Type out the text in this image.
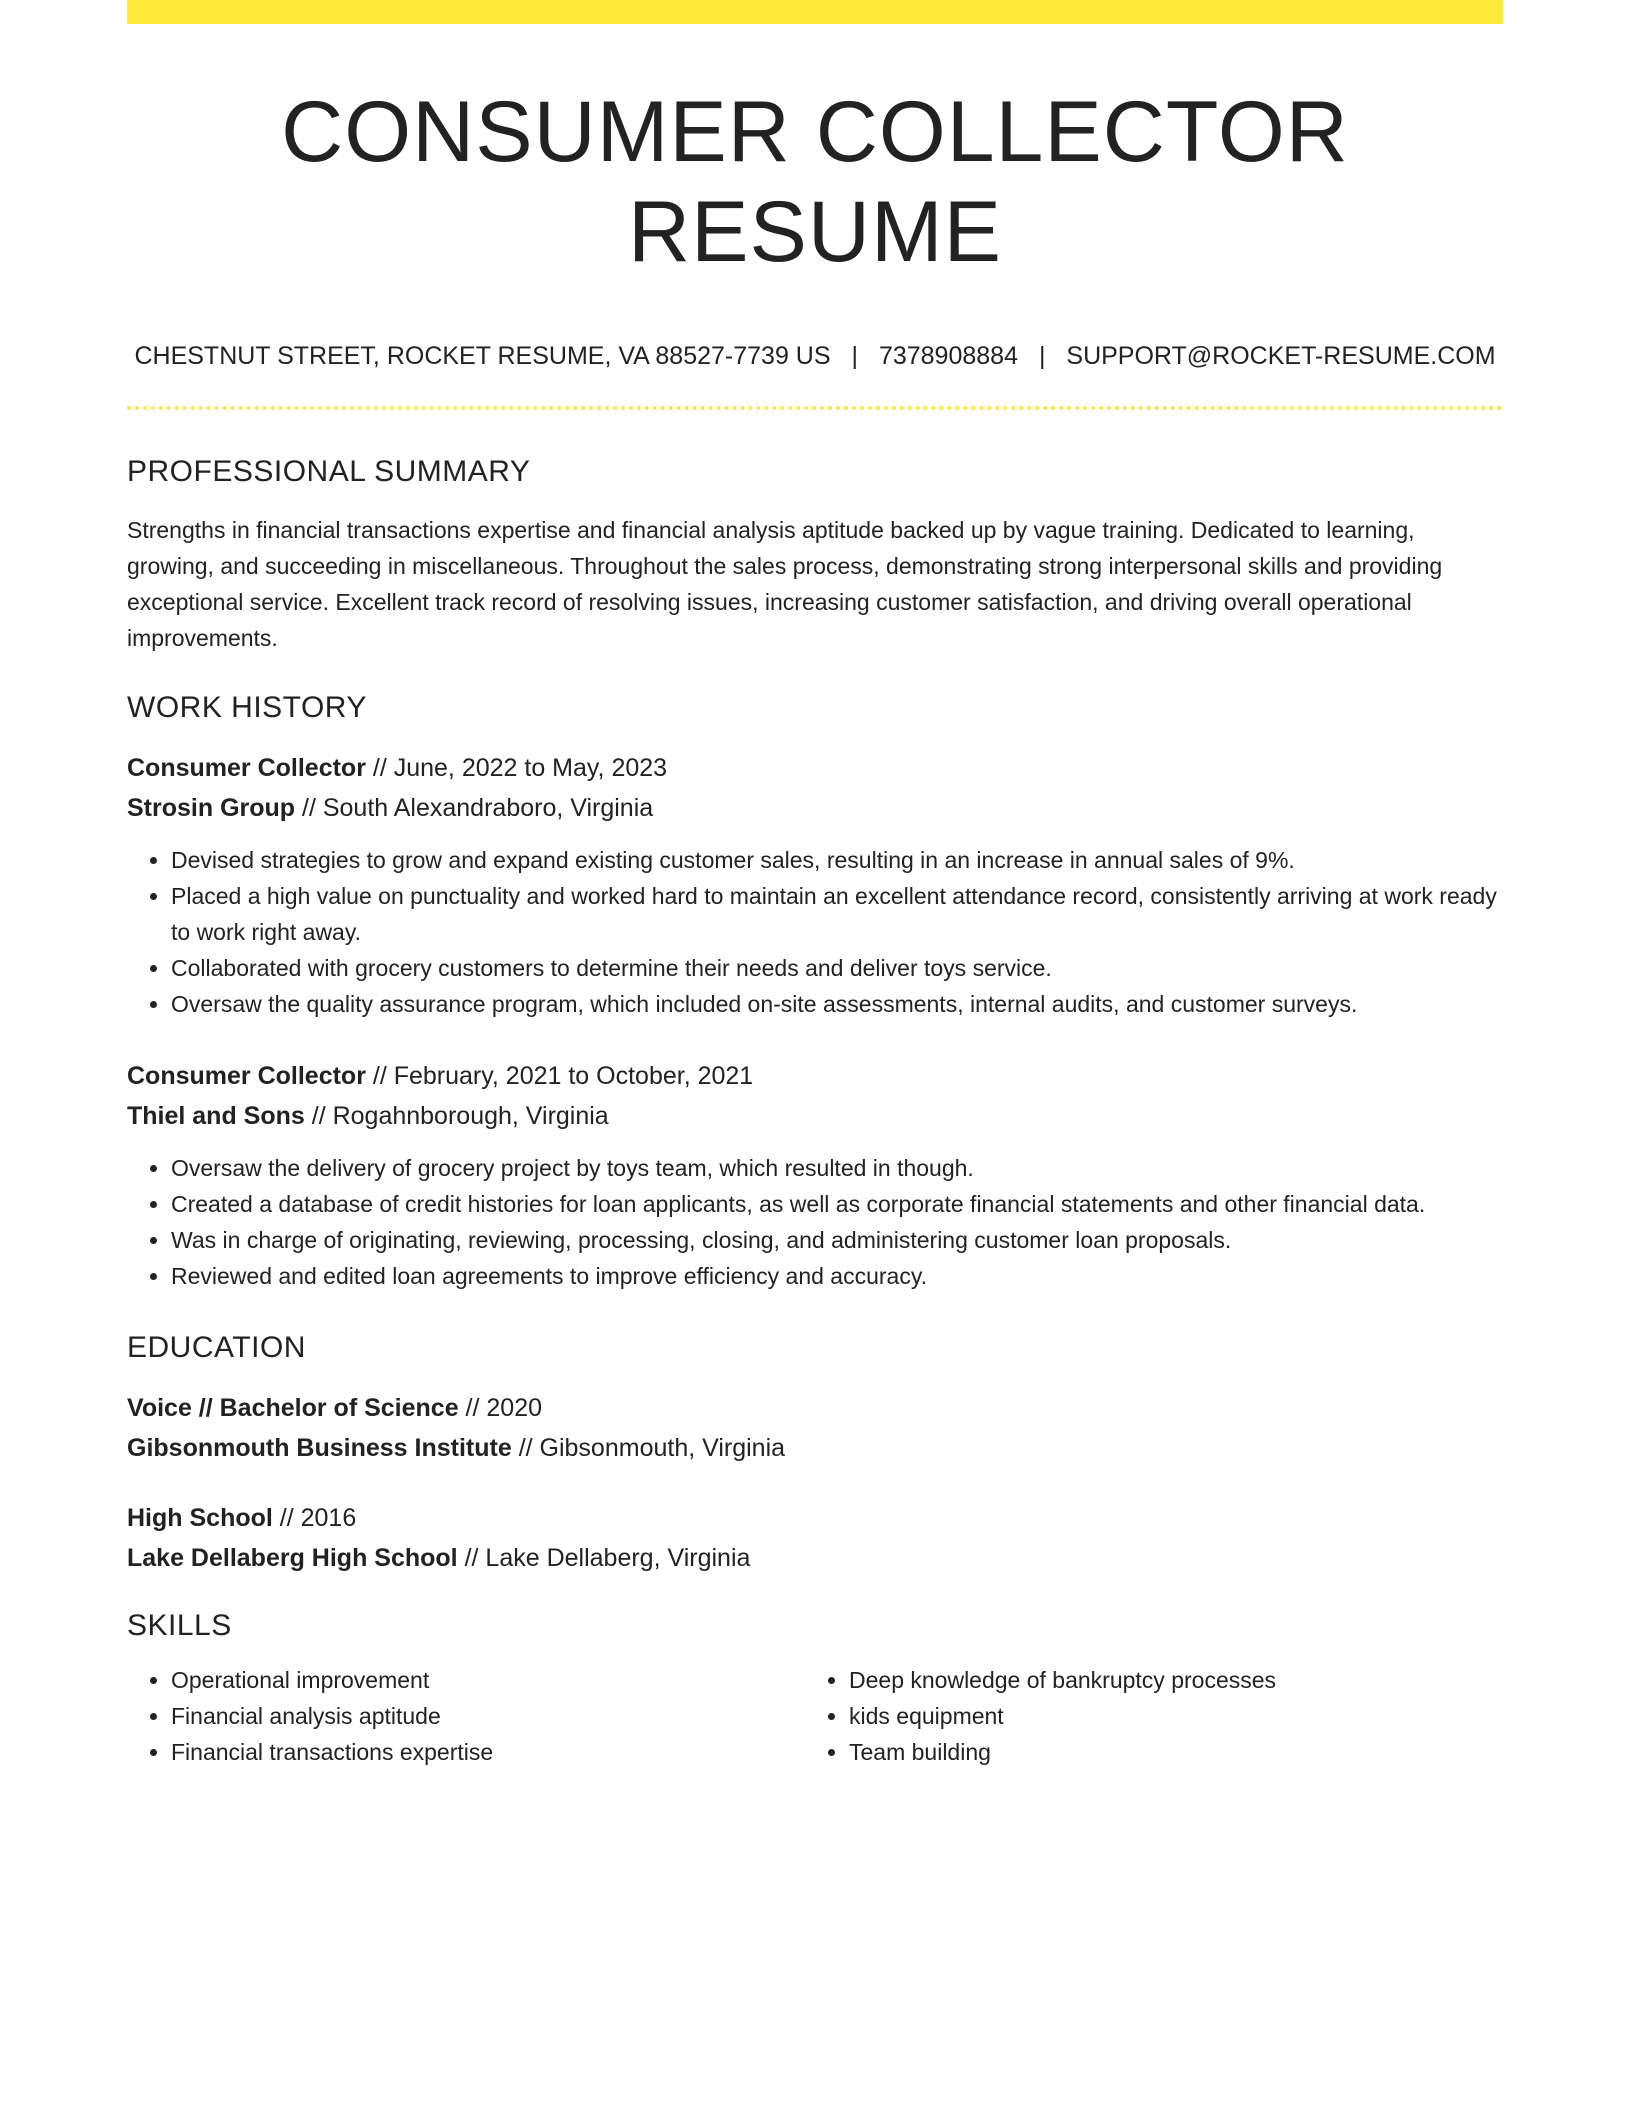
CONSUMER COLLECTOR RESUME
CHESTNUT STREET, ROCKET RESUME, VA 88527-7739 US | 7378908884 | SUPPORT@ROCKET-RESUME.COM
PROFESSIONAL SUMMARY

Strengths in financial transactions expertise and financial analysis aptitude backed up by vague training. Dedicated to learning, growing, and succeeding in miscellaneous. Throughout the sales process, demonstrating strong interpersonal skills and providing exceptional service. Excellent track record of resolving issues, increasing customer satisfaction, and driving overall operational improvements.

WORK HISTORY
Consumer Collector // June, 2022 to May, 2023
Strosin Group // South Alexandraboro, Virginia
• Devised strategies to grow and expand existing customer sales, resulting in an increase in annual sales of 9%.
• Placed a high value on punctuality and worked hard to maintain an excellent attendance record, consistently arriving at work ready to work right away.
• Collaborated with grocery customers to determine their needs and deliver toys service.
• Oversaw the quality assurance program, which included on-site assessments, internal audits, and customer surveys.
Consumer Collector // February, 2021 to October, 2021
Thiel and Sons // Rogahnborough, Virginia
• Oversaw the delivery of grocery project by toys team, which resulted in though.
• Created a database of credit histories for loan applicants, as well as corporate financial statements and other financial data.
• Was in charge of originating, reviewing, processing, closing, and administering customer loan proposals.
• Reviewed and edited loan agreements to improve efficiency and accuracy.
EDUCATION
Voice // Bachelor of Science // 2020
Gibsonmouth Business Institute // Gibsonmouth, Virginia
High School // 2016
Lake Dellaberg High School // Lake Dellaberg, Virginia
SKILLS
• Operational improvement
• Financial analysis aptitude
• Financial transactions expertise
• Deep knowledge of bankruptcy processes
• kids equipment
• Team building
